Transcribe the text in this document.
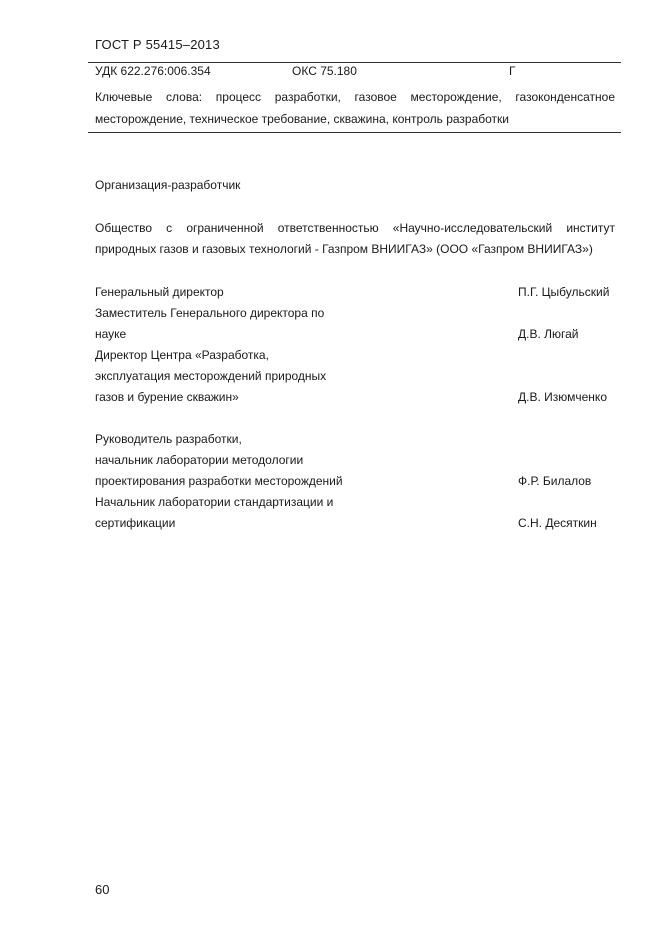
ГОСТ Р 55415–2013
УДК 622.276:006.354	ОКС 75.180	Г
Ключевые слова: процесс разработки, газовое месторождение, газоконденсатное
месторождение, техническое требование, скважина, контроль разработки
Организация-разработчик
Общество с ограниченной ответственностью «Научно-исследовательский институт
природных газов и газовых технологий - Газпром ВНИИГАЗ» (ООО «Газпром ВНИИГАЗ»)
Генеральный директор	П.Г. Цыбульский
Заместитель Генерального директора по
науке	Д.В. Люгай
Директор Центра «Разработка,
эксплуатация месторождений природных
газов и бурение скважин»	Д.В. Изюмченко
Руководитель разработки,
начальник лаборатории методологии
проектирования разработки месторождений	Ф.Р. Билалов
Начальник лаборатории стандартизации и
сертификации	С.Н. Десяткин
60
